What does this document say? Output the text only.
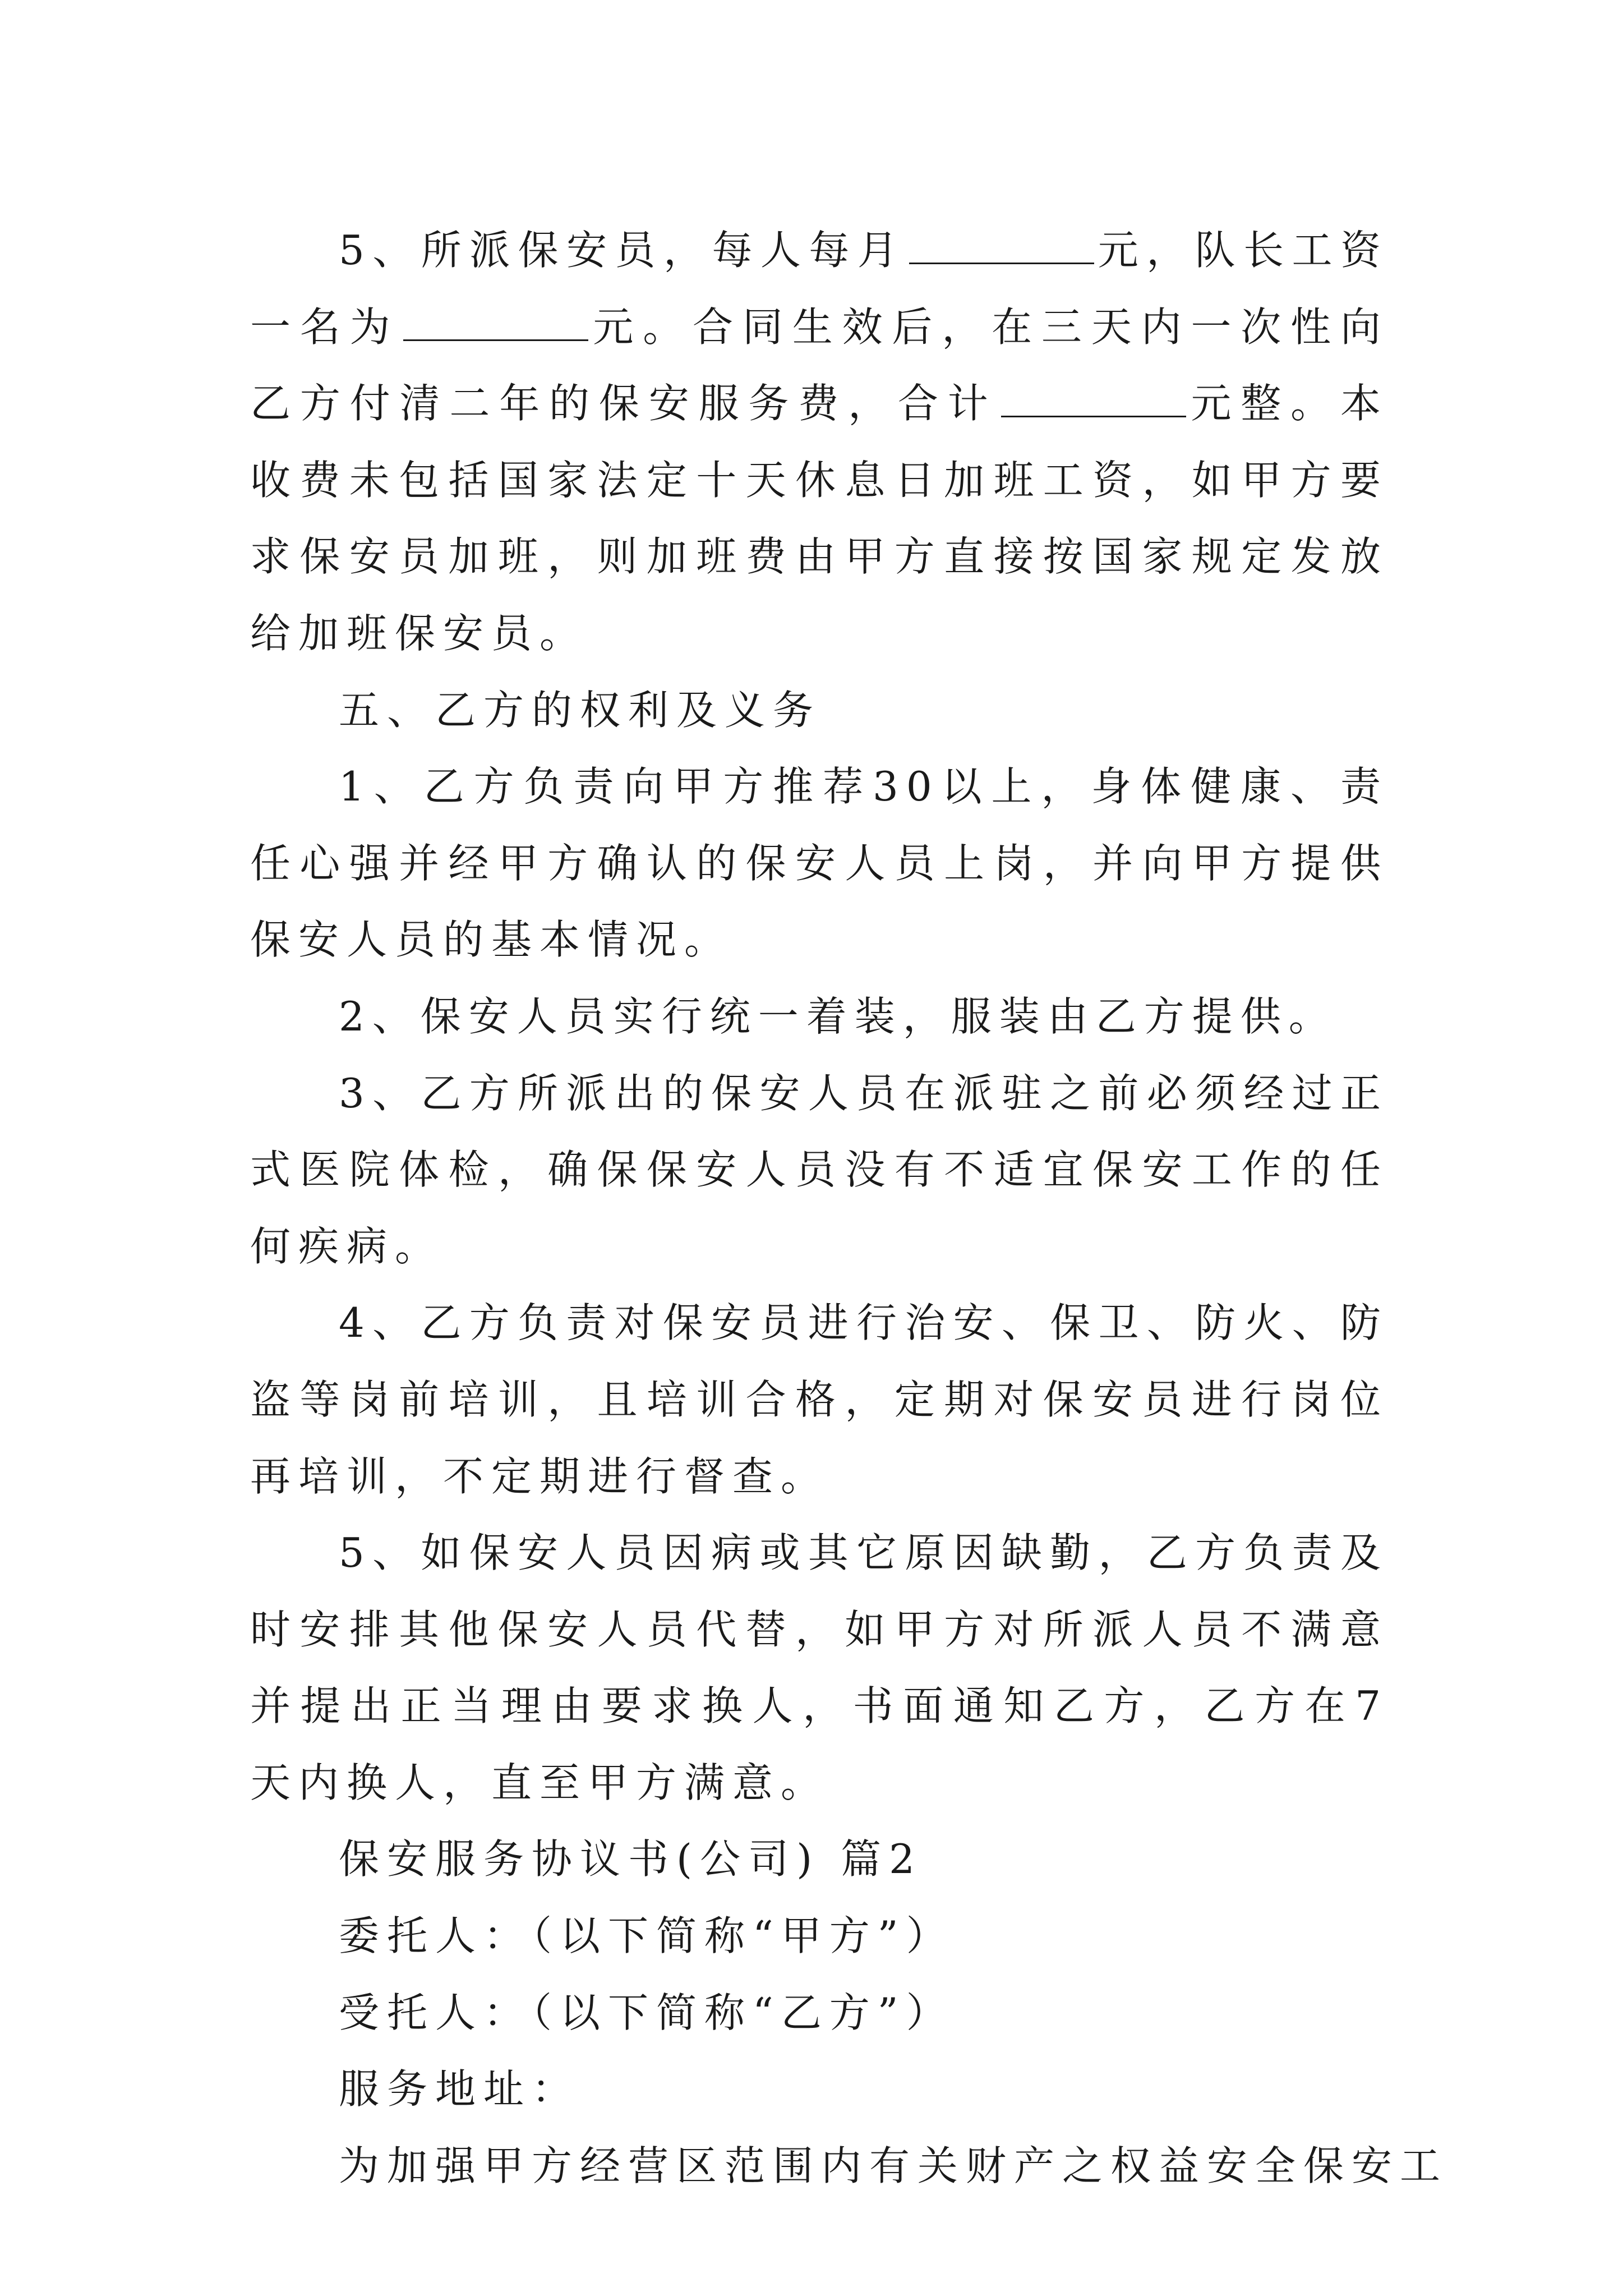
5、所派保安员，每人每月	元，队长工资一名为	元。合同生效后，在三天内一次性向乙方付清二年的保安服务费，合计	元整。本收费未包括国家法定十天休息日加班工资，如甲方要求保安员加班，则加班费由甲方直接按国家规定发放给加班保安员。

五、乙方的权利及义务

1、乙方负责向甲方推荐30以上，身体健康、责任心强并经甲方确认的保安人员上岗，并向甲方提供保安人员的基本情况。

2、保安人员实行统一着装，服装由乙方提供。

3、乙方所派出的保安人员在派驻之前必须经过正式医院体检，确保保安人员没有不适宜保安工作的任何疾病。

4、乙方负责对保安员进行治安、保卫、防火、防盗等岗前培训，且培训合格，定期对保安员进行岗位再培训，不定期进行督查。

5、如保安人员因病或其它原因缺勤，乙方负责及时安排其他保安人员代替，如甲方对所派人员不满意并提出正当理由要求换人，书面通知乙方，乙方在7天内换人，直至甲方满意。

保安服务协议书(公司) 篇2

委托人：（以下简称“甲方”）

受托人：（以下简称“乙方”）

服务地址：

为加强甲方经营区范围内有关财产之权益安全保安工
